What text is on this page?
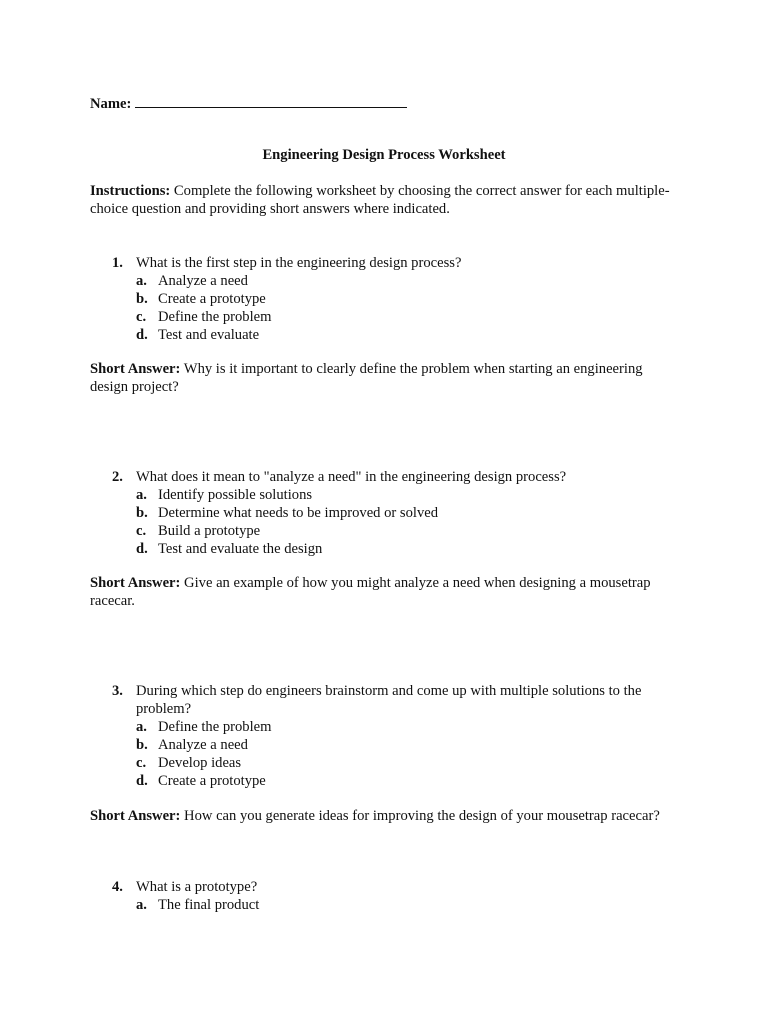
Name:
Engineering Design Process Worksheet
Instructions: Complete the following worksheet by choosing the correct answer for each multiple-choice question and providing short answers where indicated.
1. What is the first step in the engineering design process?
a. Analyze a need
b. Create a prototype
c. Define the problem
d. Test and evaluate
Short Answer: Why is it important to clearly define the problem when starting an engineering design project?
2. What does it mean to "analyze a need" in the engineering design process?
a. Identify possible solutions
b. Determine what needs to be improved or solved
c. Build a prototype
d. Test and evaluate the design
Short Answer: Give an example of how you might analyze a need when designing a mousetrap racecar.
3. During which step do engineers brainstorm and come up with multiple solutions to the problem?
a. Define the problem
b. Analyze a need
c. Develop ideas
d. Create a prototype
Short Answer: How can you generate ideas for improving the design of your mousetrap racecar?
4. What is a prototype?
a. The final product
